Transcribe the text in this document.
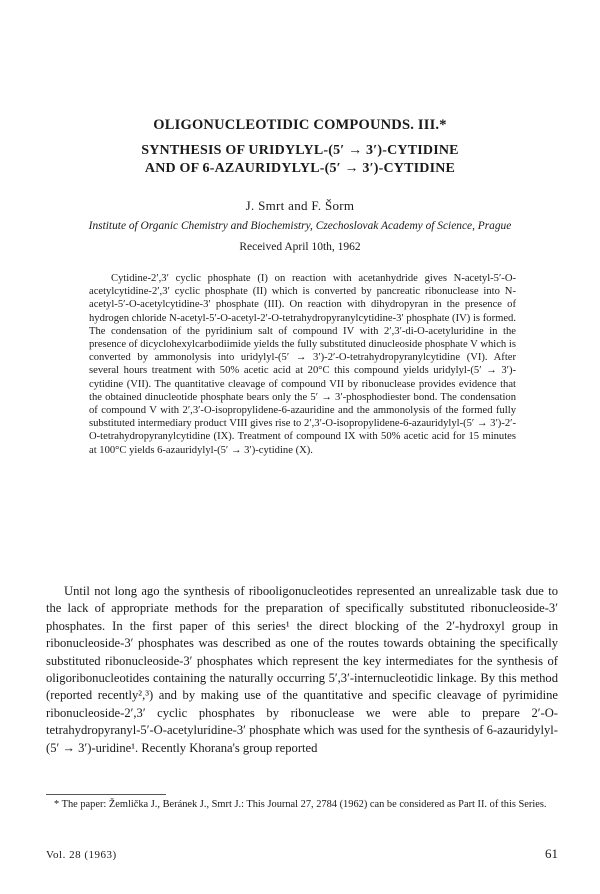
OLIGONUCLEOTIDIC COMPOUNDS. III.*
SYNTHESIS OF URIDYLYL-(5′ → 3′)-CYTIDINE
AND OF 6-AZAURIDYLYL-(5′ → 3′)-CYTIDINE
J. Smrt and F. Šorm
Institute of Organic Chemistry and Biochemistry, Czechoslovak Academy of Science, Prague
Received April 10th, 1962

Cytidine-2′,3′ cyclic phosphate (I) on reaction with acetanhydride gives N-acetyl-5′-O-acetylcytidine-2′,3′ cyclic phosphate (II) which is converted by pancreatic ribonuclease into N-acetyl-5′-O-acetylcytidine-3′ phosphate (III). On reaction with dihydropyran in the presence of hydrogen chloride N-acetyl-5′-O-acetyl-2′-O-tetrahydropyranylcytidine-3′ phosphate (IV) is formed. The condensation of the pyridinium salt of compound IV with 2′,3′-di-O-acetyluridine in the presence of dicyclohexylcarbodiimide yields the fully substituted dinucleoside phosphate V which is converted by ammonolysis into uridylyl-(5′ → 3′)-2′-O-tetrahydropyranylcytidine (VI). After several hours treatment with 50% acetic acid at 20°C this compound yields uridylyl-(5′ → 3′)-cytidine (VII). The quantitative cleavage of compound VII by ribonuclease provides evidence that the obtained dinucleotide phosphate bears only the 5′ → 3′-phosphodiester bond. The condensation of compound V with 2′,3′-O-isopropylidene-6-azauridine and the ammonolysis of the formed fully substituted intermediary product VIII gives rise to 2′,3′-O-isopropylidene-6-azauridylyl-(5′ → 3′)-2′-O-tetrahydropyranylcytidine (IX). Treatment of compound IX with 50% acetic acid for 15 minutes at 100°C yields 6-azauridylyl-(5′ → 3′)-cytidine (X).

Until not long ago the synthesis of ribooligonucleotides represented an unrealizable task due to the lack of appropriate methods for the preparation of specifically substituted ribonucleoside-3′ phosphates. In the first paper of this series¹ the direct blocking of the 2′-hydroxyl group in ribonucleoside-3′ phosphates was described as one of the routes towards obtaining the specifically substituted ribonucleoside-3′ phosphates which represent the key intermediates for the synthesis of oligoribonucleotides containing the naturally occurring 5′,3′-internucleotidic linkage. By this method (reported recently²,³) and by making use of the quantitative and specific cleavage of pyrimidine ribonucleoside-2′,3′ cyclic phosphates by ribonuclease we were able to prepare 2′-O-tetrahydropyranyl-5′-O-acetyluridine-3′ phosphate which was used for the synthesis of 6-azauridylyl-(5′ → 3′)-uridine¹. Recently Khorana's group reported

* The paper: Žemlička J., Beránek J., Smrt J.: This Journal 27, 2784 (1962) can be considered as Part II. of this Series.

Vol. 28 (1963)	61
